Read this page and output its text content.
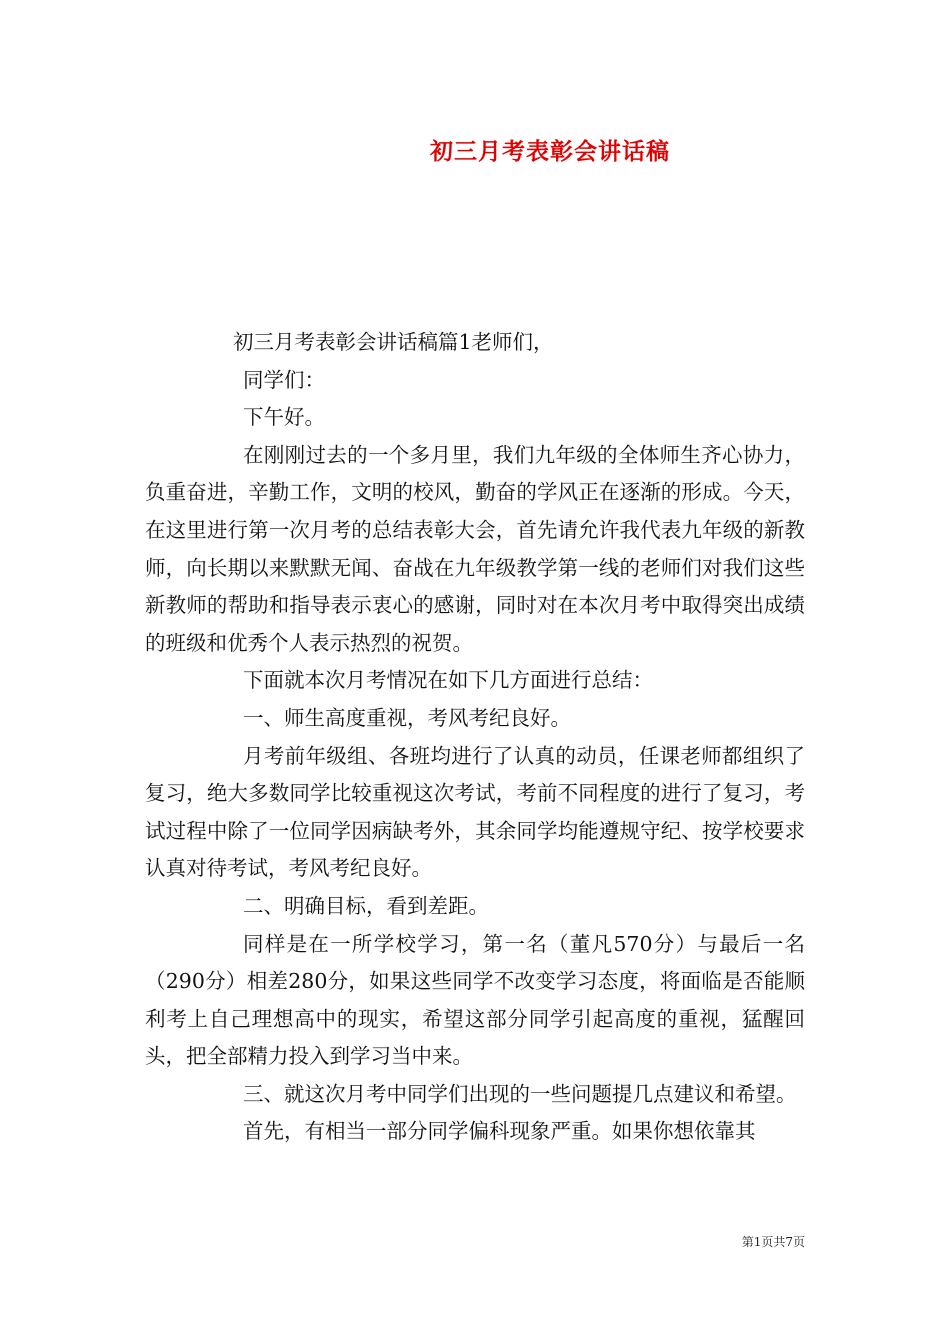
初三月考表彰会讲话稿

初三月考表彰会讲话稿篇1老师们，

同学们：

下午好。

在刚刚过去的一个多月里，我们九年级的全体师生齐心协力，负重奋进，辛勤工作，文明的校风，勤奋的学风正在逐渐的形成。今天，在这里进行第一次月考的总结表彰大会，首先请允许我代表九年级的新教师，向长期以来默默无闻、奋战在九年级教学第一线的老师们对我们这些新教师的帮助和指导表示衷心的感谢，同时对在本次月考中取得突出成绩的班级和优秀个人表示热烈的祝贺。

下面就本次月考情况在如下几方面进行总结：

一、师生高度重视，考风考纪良好。

月考前年级组、各班均进行了认真的动员，任课老师都组织了复习，绝大多数同学比较重视这次考试，考前不同程度的进行了复习，考试过程中除了一位同学因病缺考外，其余同学均能遵规守纪、按学校要求认真对待考试，考风考纪良好。

二、明确目标，看到差距。

同样是在一所学校学习，第一名（董凡570分）与最后一名（290分）相差280分，如果这些同学不改变学习态度，将面临是否能顺利考上自己理想高中的现实，希望这部分同学引起高度的重视，猛醒回头，把全部精力投入到学习当中来。

三、就这次月考中同学们出现的一些问题提几点建议和希望。

首先，有相当一部分同学偏科现象严重。如果你想依靠其

第1页共7页
